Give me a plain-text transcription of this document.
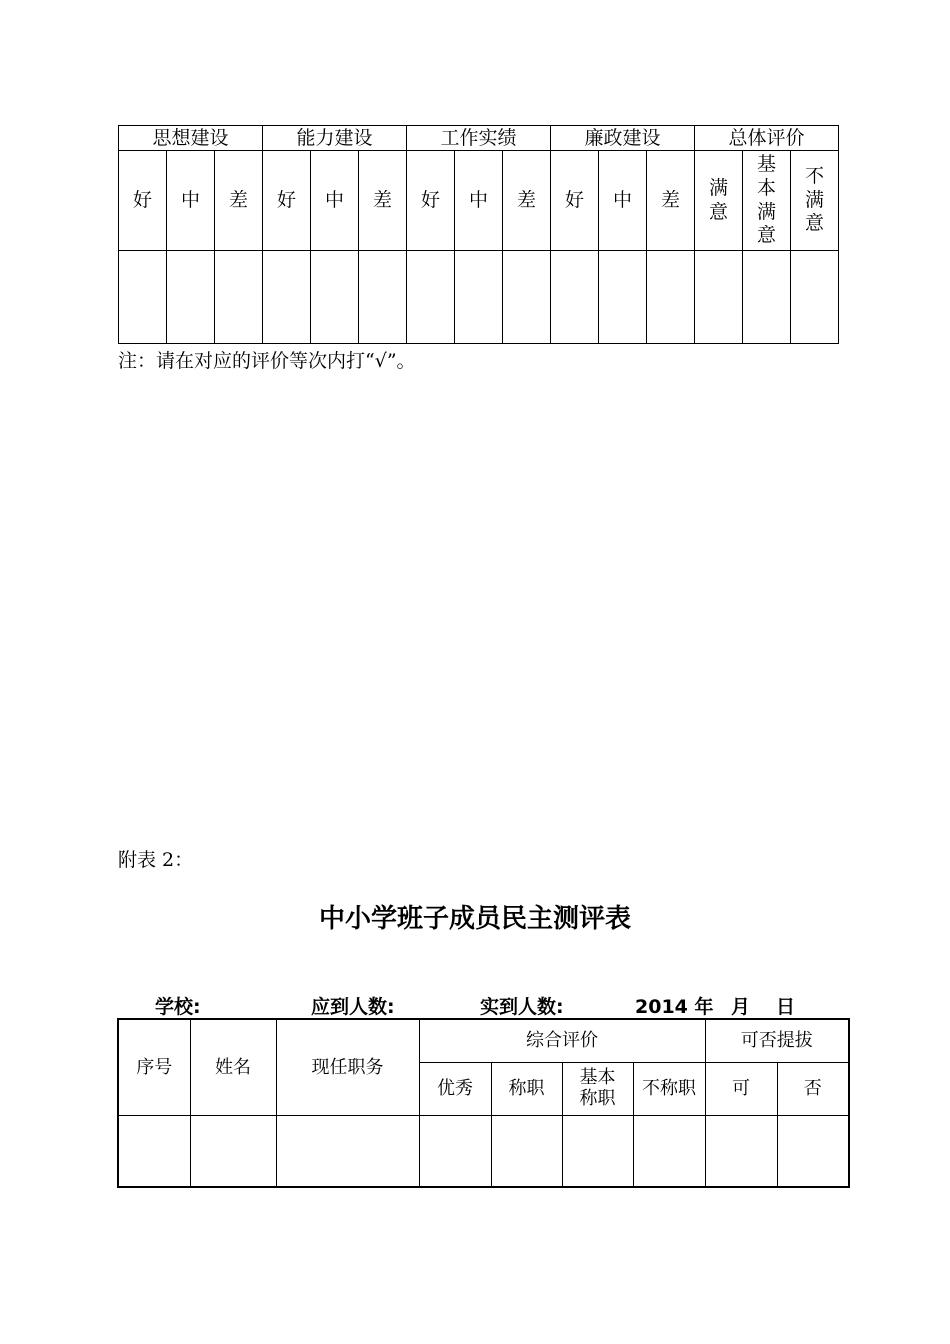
思想建设			能力建设			工作实绩			廉政建设			总体评价		
好	中	差	好	中	差	好	中	差	好	中	差	满意	基本满意	不满意

注：请在对应的评价等次内打“√”。
附表 2：
中小学班子成员民主测评表
学校:	应到人数:	实到人数:	2014 年 月 日
序号	姓名	现任职务	综合评价				可否提拔	
			优秀	称职	基本称职	不称职	可	否
